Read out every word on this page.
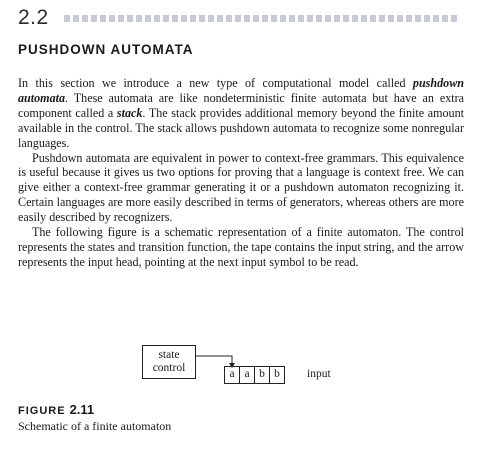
2.2
PUSHDOWN AUTOMATA

In this section we introduce a new type of computational model called pushdown automata. These automata are like nondeterministic finite automata but have an extra component called a stack. The stack provides additional memory beyond the finite amount available in the control. The stack allows pushdown automata to recognize some nonregular languages.

Pushdown automata are equivalent in power to context-free grammars. This equivalence is useful because it gives us two options for proving that a language is context free. We can give either a context-free grammar generating it or a pushdown automaton recognizing it. Certain languages are more easily described in terms of generators, whereas others are more easily described by recognizers.

The following figure is a schematic representation of a finite automaton. The control represents the states and transition function, the tape contains the input string, and the arrow represents the input head, pointing at the next input symbol to be read.

state
control
a a b b	input
FIGURE 2.11
Schematic of a finite automaton
